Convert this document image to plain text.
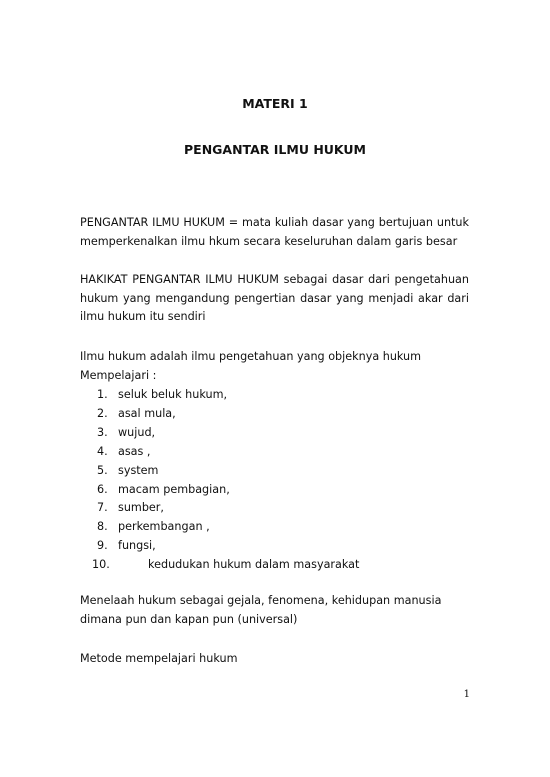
MATERI 1
PENGANTAR ILMU HUKUM

PENGANTAR ILMU HUKUM = mata kuliah dasar yang bertujuan untuk memperkenalkan ilmu hkum secara keseluruhan dalam garis besar

HAKIKAT PENGANTAR ILMU HUKUM sebagai dasar dari pengetahuan hukum yang mengandung pengertian dasar yang menjadi akar dari ilmu hukum itu sendiri

Ilmu hukum adalah ilmu pengetahuan yang objeknya hukum

Mempelajari :

1. seluk beluk hukum,
2. asal mula,
3. wujud,
4. asas ,
5. system
6. macam pembagian,
7. sumber,
8. perkembangan ,
9. fungsi,
10.	kedudukan hukum dalam masyarakat

Menelaah hukum sebagai gejala, fenomena, kehidupan manusia dimana pun dan kapan pun (universal)

Metode mempelajari hukum

1
